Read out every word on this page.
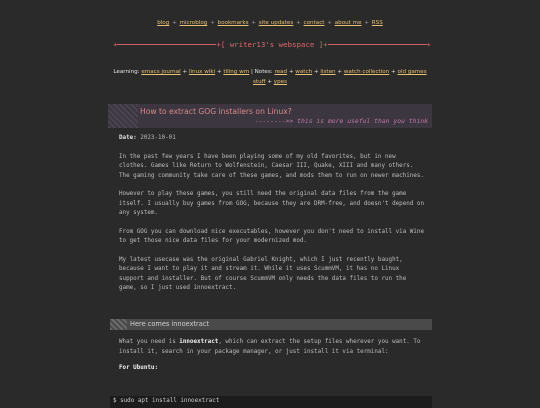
blog + microblog + bookmarks + site updates + contact + about me + RSS
+	+ [ writer13's webspace ] +	+
Learning: emacs journal + linux wiki + tiling wm | Notes: read + watch + listen + watch collection + old games stuff + ypes
How to extract GOG installers on Linux?
-------->> this is more useful than you think

Date: 2023-10-01

In the past few years I have been playing some of my old favorites, but in new clothes. Games like Return to Wolfenstein, Caesar III, Quake, XIII and many others. The gaming community take care of these games, and mods them to run on newer machines.

However to play these games, you still need the original data files from the game itself. I usually buy games from GOG, because they are DRM-free, and doesn't depend on any system.

From GOG you can download nice executables, however you don't need to install via Wine to get those nice data files for your modernized mod.

My latest usecase was the original Gabriel Knight, which I just recently baught, because I want to play it and stream it. While it uses ScummVM, it has no Linux support and installer. But of course ScummVM only needs the data files to run the game, so I just used innoextract.

Here comes innoextract

What you need is innoextract, which can extract the setup files wherever you want. To install it, search in your package manager, or just install it via terminal:

For Ubuntu:

$ sudo apt install innoextract
